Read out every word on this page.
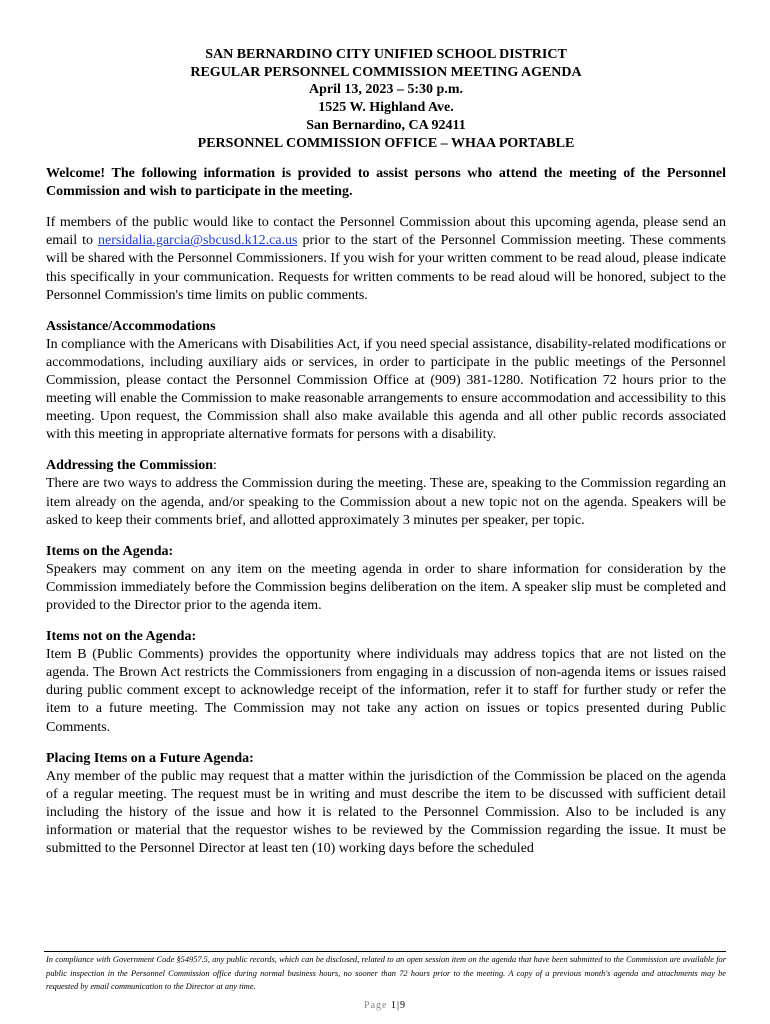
SAN BERNARDINO CITY UNIFIED SCHOOL DISTRICT
REGULAR PERSONNEL COMMISSION MEETING AGENDA
April 13, 2023 – 5:30 p.m.
1525 W. Highland Ave.
San Bernardino, CA 92411
PERSONNEL COMMISSION OFFICE – WHAA PORTABLE
Welcome! The following information is provided to assist persons who attend the meeting of the Personnel Commission and wish to participate in the meeting.

If members of the public would like to contact the Personnel Commission about this upcoming agenda, please send an email to nersidalia.garcia@sbcusd.k12.ca.us prior to the start of the Personnel Commission meeting. These comments will be shared with the Personnel Commissioners. If you wish for your written comment to be read aloud, please indicate this specifically in your communication. Requests for written comments to be read aloud will be honored, subject to the Personnel Commission's time limits on public comments.

Assistance/Accommodations

In compliance with the Americans with Disabilities Act, if you need special assistance, disability-related modifications or accommodations, including auxiliary aids or services, in order to participate in the public meetings of the Personnel Commission, please contact the Personnel Commission Office at (909) 381-1280. Notification 72 hours prior to the meeting will enable the Commission to make reasonable arrangements to ensure accommodation and accessibility to this meeting. Upon request, the Commission shall also make available this agenda and all other public records associated with this meeting in appropriate alternative formats for persons with a disability.

Addressing the Commission:

There are two ways to address the Commission during the meeting. These are, speaking to the Commission regarding an item already on the agenda, and/or speaking to the Commission about a new topic not on the agenda. Speakers will be asked to keep their comments brief, and allotted approximately 3 minutes per speaker, per topic.

Items on the Agenda:

Speakers may comment on any item on the meeting agenda in order to share information for consideration by the Commission immediately before the Commission begins deliberation on the item. A speaker slip must be completed and provided to the Director prior to the agenda item.

Items not on the Agenda:

Item B (Public Comments) provides the opportunity where individuals may address topics that are not listed on the agenda. The Brown Act restricts the Commissioners from engaging in a discussion of non-agenda items or issues raised during public comment except to acknowledge receipt of the information, refer it to staff for further study or refer the item to a future meeting. The Commission may not take any action on issues or topics presented during Public Comments.

Placing Items on a Future Agenda:

Any member of the public may request that a matter within the jurisdiction of the Commission be placed on the agenda of a regular meeting. The request must be in writing and must describe the item to be discussed with sufficient detail including the history of the issue and how it is related to the Personnel Commission. Also to be included is any information or material that the requestor wishes to be reviewed by the Commission regarding the issue. It must be submitted to the Personnel Director at least ten (10) working days before the scheduled

In compliance with Government Code §54957.5, any public records, which can be disclosed, related to an open session item on the agenda that have been submitted to the Commission are available for public inspection in the Personnel Commission office during normal business hours, no sooner than 72 hours prior to the meeting. A copy of a previous month's agenda and attachments may be requested by email communication to the Director at any time.
Page 1|9
